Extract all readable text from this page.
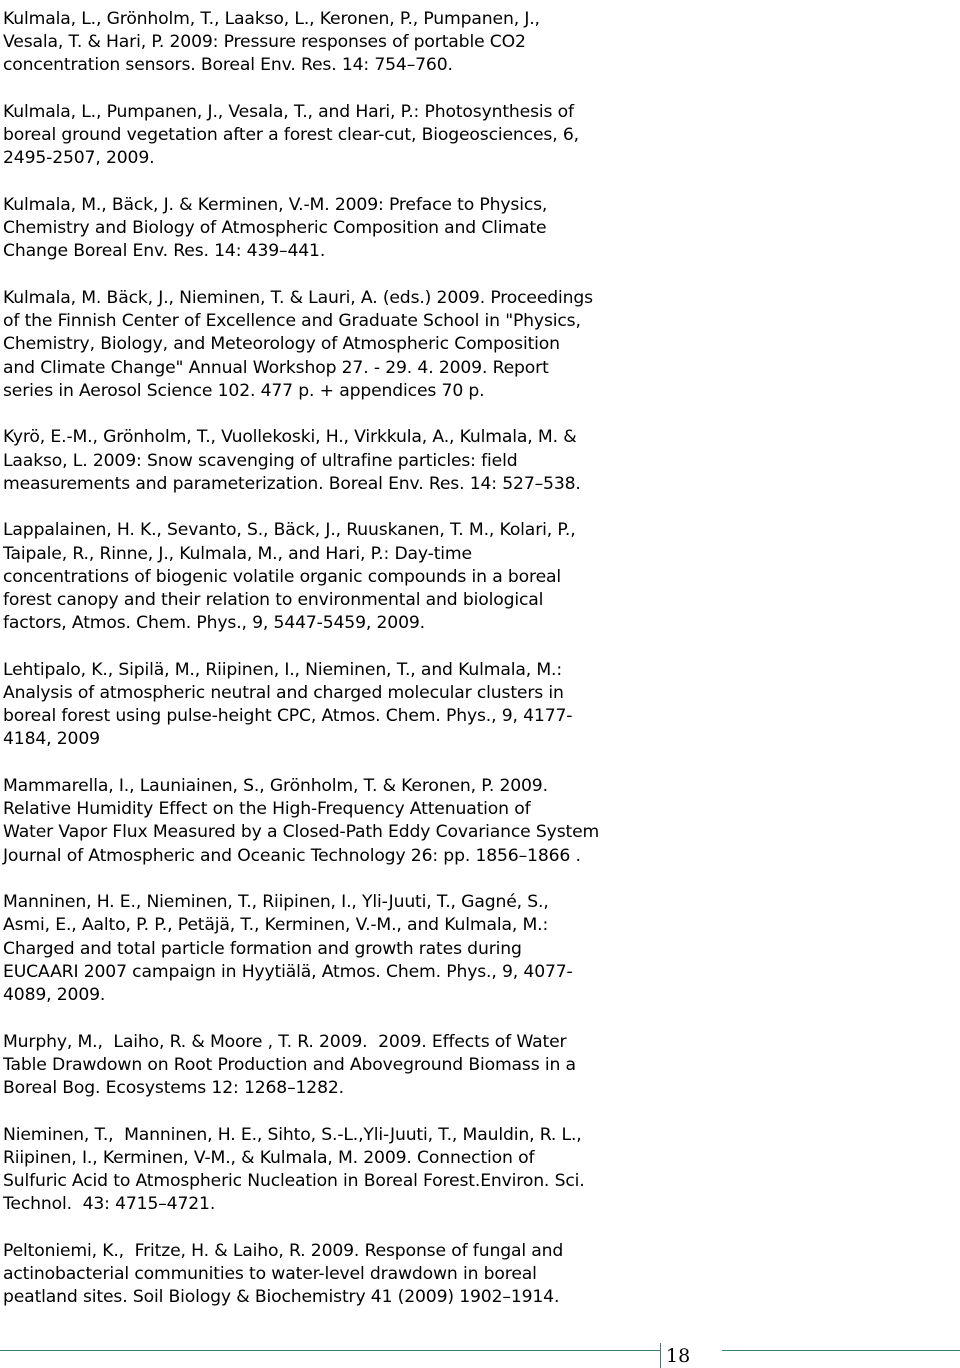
Kulmala, L., Grönholm, T., Laakso, L., Keronen, P., Pumpanen, J.,
Vesala, T. & Hari, P. 2009: Pressure responses of portable CO2
concentration sensors. Boreal Env. Res. 14: 754–760.
Kulmala, L., Pumpanen, J., Vesala, T., and Hari, P.: Photosynthesis of
boreal ground vegetation after a forest clear-cut, Biogeosciences, 6,
2495-2507, 2009.
Kulmala, M., Bäck, J. & Kerminen, V.-M. 2009: Preface to Physics,
Chemistry and Biology of Atmospheric Composition and Climate
Change Boreal Env. Res. 14: 439–441.
Kulmala, M. Bäck, J., Nieminen, T. & Lauri, A. (eds.) 2009. Proceedings
of the Finnish Center of Excellence and Graduate School in "Physics,
Chemistry, Biology, and Meteorology of Atmospheric Composition
and Climate Change" Annual Workshop 27. - 29. 4. 2009. Report
series in Aerosol Science 102. 477 p. + appendices 70 p.
Kyrö, E.-M., Grönholm, T., Vuollekoski, H., Virkkula, A., Kulmala, M. &
Laakso, L. 2009: Snow scavenging of ultrafine particles: field
measurements and parameterization. Boreal Env. Res. 14: 527–538.
Lappalainen, H. K., Sevanto, S., Bäck, J., Ruuskanen, T. M., Kolari, P.,
Taipale, R., Rinne, J., Kulmala, M., and Hari, P.: Day-time
concentrations of biogenic volatile organic compounds in a boreal
forest canopy and their relation to environmental and biological
factors, Atmos. Chem. Phys., 9, 5447-5459, 2009.
Lehtipalo, K., Sipilä, M., Riipinen, I., Nieminen, T., and Kulmala, M.:
Analysis of atmospheric neutral and charged molecular clusters in
boreal forest using pulse-height CPC, Atmos. Chem. Phys., 9, 4177-
4184, 2009
Mammarella, I., Launiainen, S., Grönholm, T. & Keronen, P. 2009.
Relative Humidity Effect on the High-Frequency Attenuation of
Water Vapor Flux Measured by a Closed-Path Eddy Covariance System
Journal of Atmospheric and Oceanic Technology 26: pp. 1856–1866 .
Manninen, H. E., Nieminen, T., Riipinen, I., Yli-Juuti, T., Gagné, S.,
Asmi, E., Aalto, P. P., Petäjä, T., Kerminen, V.-M., and Kulmala, M.:
Charged and total particle formation and growth rates during
EUCAARI 2007 campaign in Hyytiälä, Atmos. Chem. Phys., 9, 4077-
4089, 2009.
Murphy, M.,  Laiho, R. & Moore , T. R. 2009.  2009. Effects of Water
Table Drawdown on Root Production and Aboveground Biomass in a
Boreal Bog. Ecosystems 12: 1268–1282.
Nieminen, T.,  Manninen, H. E., Sihto, S.-L.,Yli-Juuti, T., Mauldin, R. L.,
Riipinen, I., Kerminen, V-M., & Kulmala, M. 2009. Connection of
Sulfuric Acid to Atmospheric Nucleation in Boreal Forest.Environ. Sci.
Technol.  43: 4715–4721.
Peltoniemi, K.,  Fritze, H. & Laiho, R. 2009. Response of fungal and
actinobacterial communities to water-level drawdown in boreal
peatland sites. Soil Biology & Biochemistry 41 (2009) 1902–1914.
18
